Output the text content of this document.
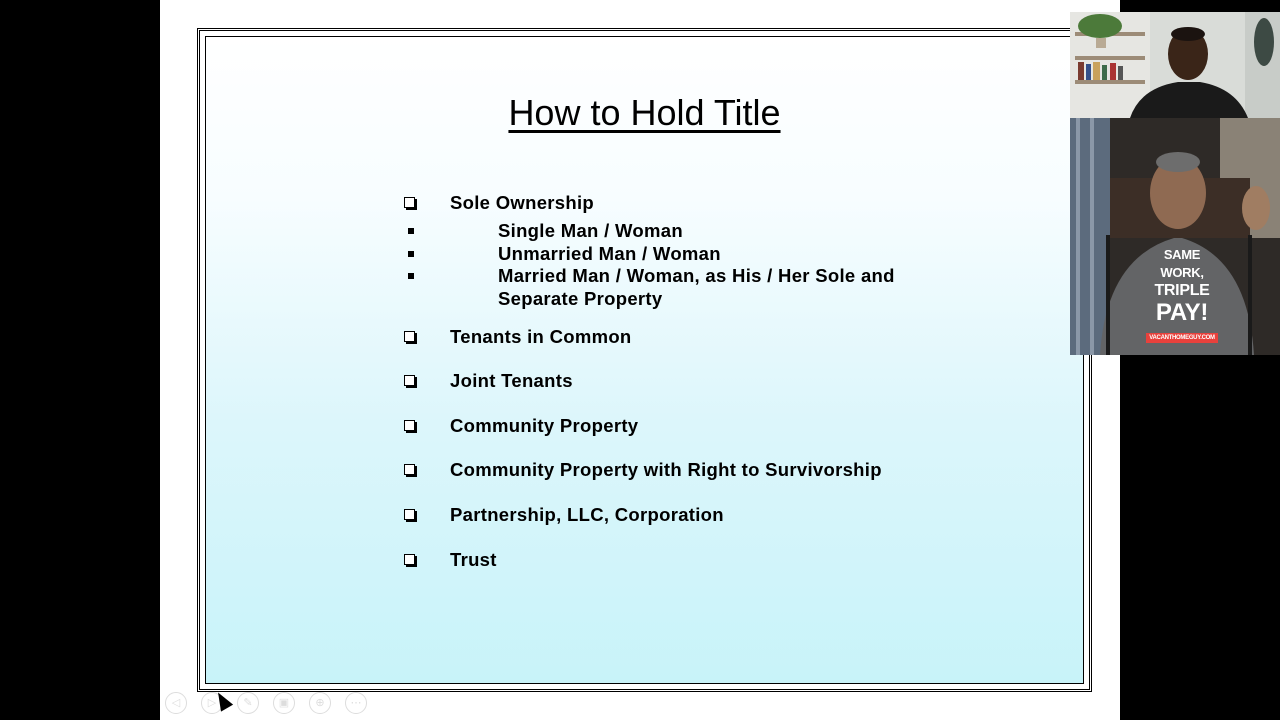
How to Hold Title
Sole Ownership
Single Man / Woman
Unmarried Man / Woman
Married Man / Woman, as His / Her Sole and Separate Property
Tenants in Common
Joint Tenants
Community Property
Community Property with Right to Survivorship
Partnership, LLC, Corporation
Trust
SAME
WORK,
TRIPLE
PAY!
VACANTHOMEGUY.COM
◁	▷	✎	▣	⊕	⋯
